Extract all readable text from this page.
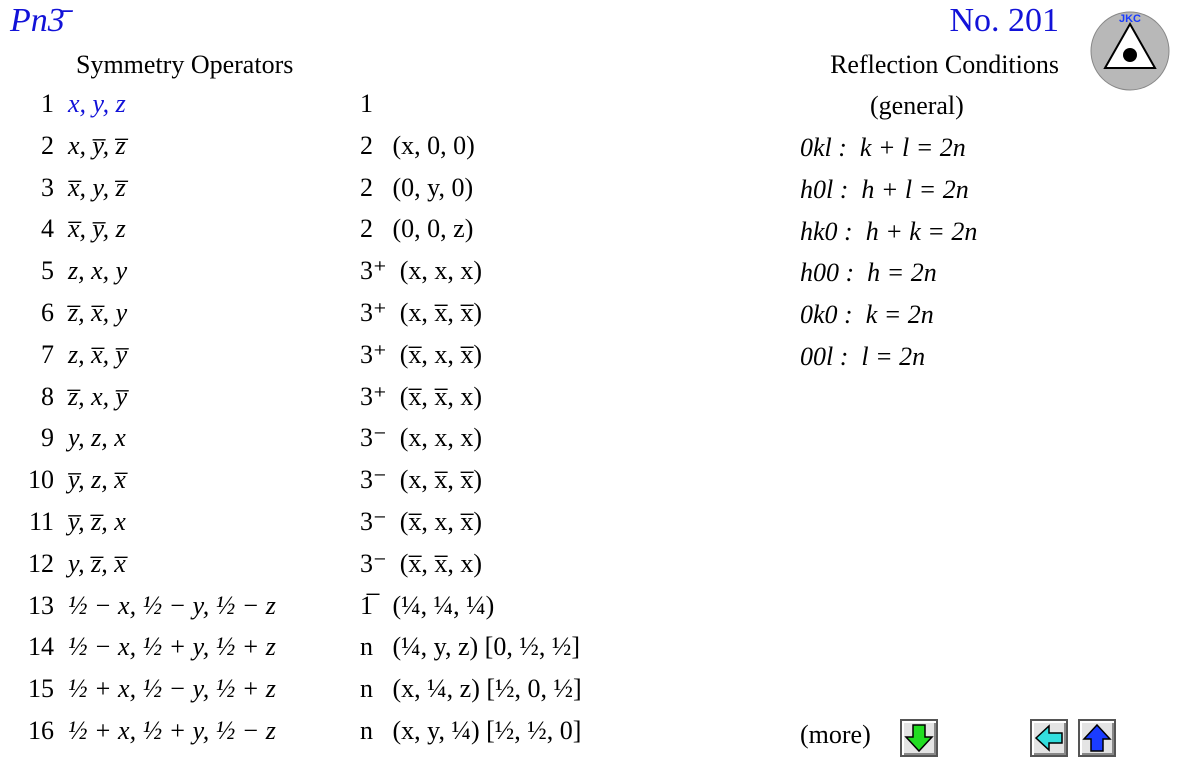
Pn3̄	No. 201	JKC
Symmetry Operators	Reflection Conditions
(general)
1 x, y, z	1
2 x, y̅, z̅	2   (x, 0, 0)
3 x̅, y, z̅	2   (0, y, 0)
4 x̅, y̅, z	2   (0, 0, z)
5 z, x, y	3⁺  (x, x, x)
6 z̅, x̅, y	3⁺  (x, x̅, x̅)
7 z, x̅, y̅	3⁺  (x̅, x, x̅)
8 z̅, x, y̅	3⁺  (x̅, x̅, x)
9 y, z, x	3⁻  (x, x, x)
10 y̅, z, x̅	3⁻  (x, x̅, x̅)
11 y̅, z̅, x	3⁻  (x̅, x, x̅)
12 y, z̅, x̅	3⁻  (x̅, x̅, x)
13 ½ − x, ½ − y, ½ − z	1̅   (¼, ¼, ¼)
14 ½ − x, ½ + y, ½ + z	n   (¼, y, z) [0, ½, ½]
15 ½ + x, ½ − y, ½ + z	n   (x, ¼, z) [½, 0, ½]
16 ½ + x, ½ + y, ½ − z	n   (x, y, ¼) [½, ½, 0]
0kl :  k + l = 2n
h0l :  h + l = 2n
hk0 :  h + k = 2n
h00 :  h = 2n
0k0 :  k = 2n
00l :  l = 2n
(more)
